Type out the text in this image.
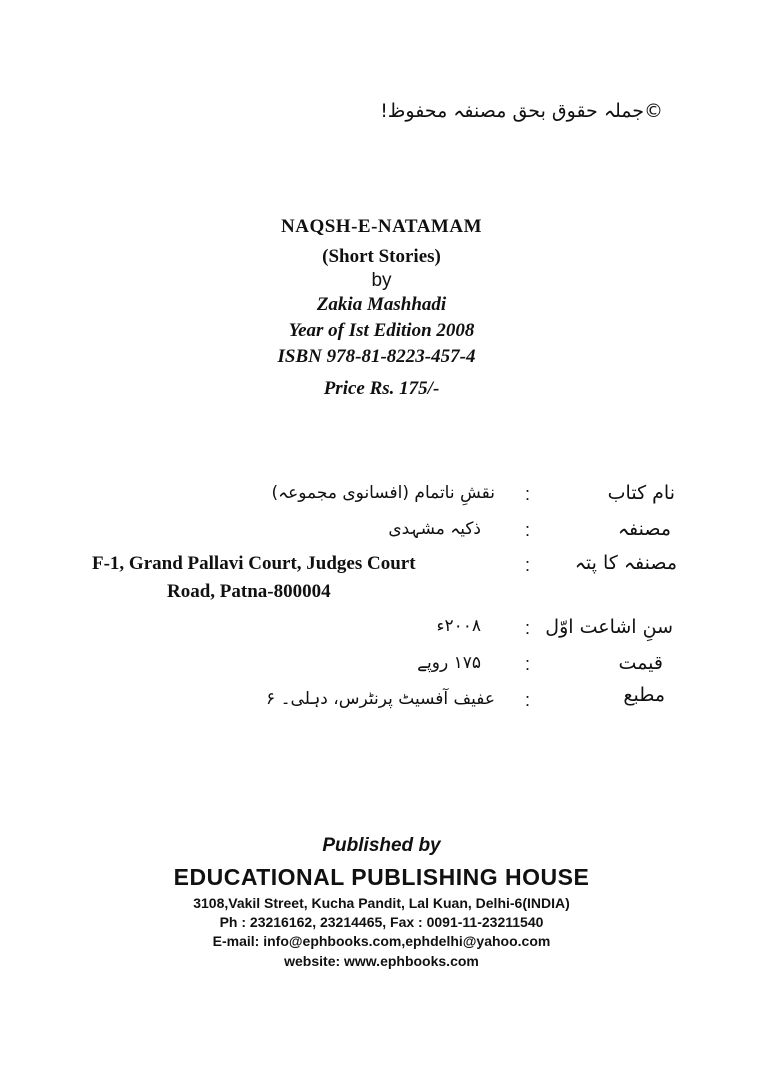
©جملہ حقوق بحق مصنفہ محفوظ!
NAQSH-E-NATAMAM
(Short Stories)
by
Zakia Mashhadi
Year of Ist Edition 2008
ISBN 978-81-8223-457-4
Price Rs. 175/-
نام کتاب
:
نقشِ ناتمام (افسانوی مجموعہ)
مصنفہ
:
ذکیہ مشہدی
مصنفہ کا پتہ
:
F-1, Grand Pallavi Court, Judges Court
Road, Patna-800004
سنِ اشاعت اوّل
:
۲۰۰۸ء
قیمت
:
۱۷۵ روپے
مطبع
:
عفیف آفسیٹ پرنٹرس، دہلی۔ ۶
Published by
EDUCATIONAL PUBLISHING HOUSE
3108,Vakil Street, Kucha Pandit, Lal Kuan, Delhi-6(INDIA)
Ph : 23216162, 23214465, Fax : 0091-11-23211540
E-mail: info@ephbooks.com,ephdelhi@yahoo.com
website: www.ephbooks.com
